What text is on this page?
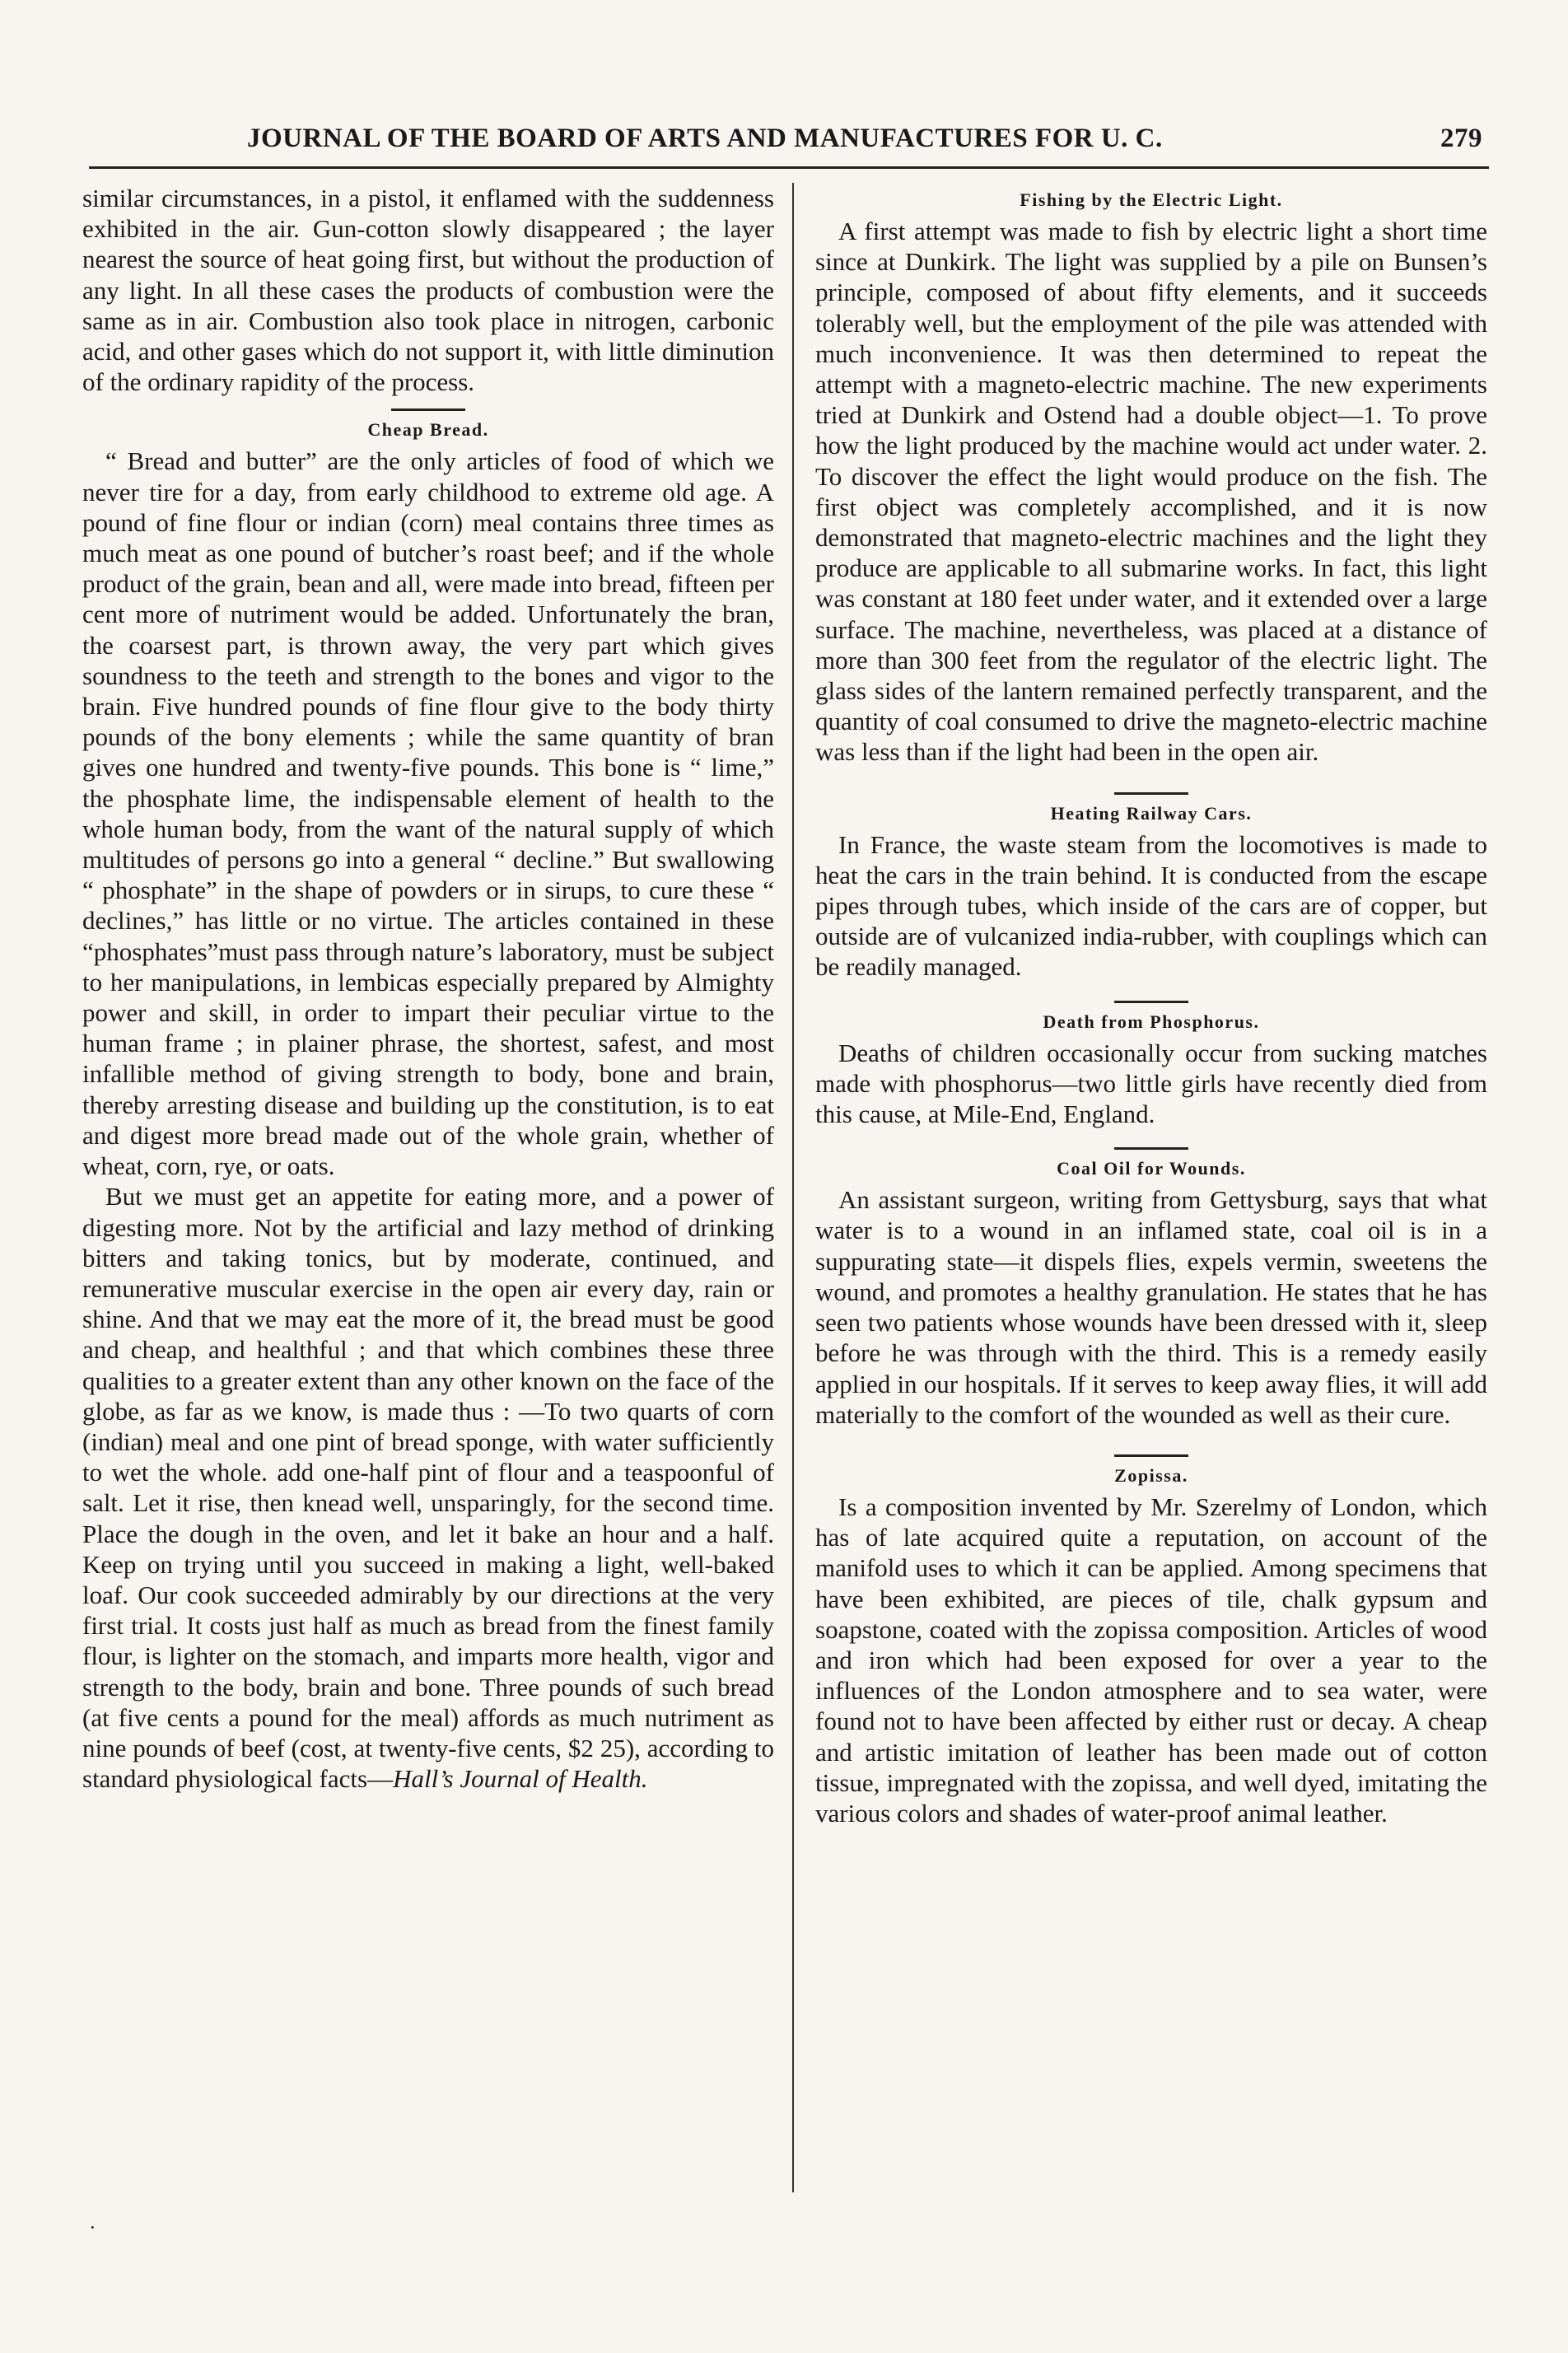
JOURNAL OF THE BOARD OF ARTS AND MANUFACTURES FOR U. C.	279

similar circumstances, in a pistol, it enflamed with the suddenness exhibited in the air. Gun-cotton slowly disappeared ; the layer nearest the source of heat going first, but without the production of any light. In all these cases the products of combustion were the same as in air. Combustion also took place in nitrogen, carbonic acid, and other gases which do not support it, with little diminution of the ordinary rapidity of the process.

Cheap Bread.

“ Bread and butter” are the only articles of food of which we never tire for a day, from early childhood to extreme old age. A pound of fine flour or indian (corn) meal contains three times as much meat as one pound of butcher’s roast beef; and if the whole product of the grain, bean and all, were made into bread, fifteen per cent more of nutriment would be added. Unfortunately the bran, the coarsest part, is thrown away, the very part which gives soundness to the teeth and strength to the bones and vigor to the brain. Five hundred pounds of fine flour give to the body thirty pounds of the bony elements ; while the same quantity of bran gives one hundred and twenty-five pounds. This bone is “ lime,” the phosphate lime, the indispensable element of health to the whole human body, from the want of the natural supply of which multitudes of persons go into a general “ decline.” But swallowing “ phosphate” in the shape of powders or in sirups, to cure these “ declines,” has little or no virtue. The articles contained in these “phosphates”must pass through nature’s laboratory, must be subject to her manipulations, in lembicas especially prepared by Almighty power and skill, in order to impart their peculiar virtue to the human frame ; in plainer phrase, the shortest, safest, and most infallible method of giving strength to body, bone and brain, thereby arresting disease and building up the constitution, is to eat and digest more bread made out of the whole grain, whether of wheat, corn, rye, or oats.

But we must get an appetite for eating more, and a power of digesting more. Not by the artificial and lazy method of drinking bitters and taking tonics, but by moderate, continued, and remunerative muscular exercise in the open air every day, rain or shine. And that we may eat the more of it, the bread must be good and cheap, and healthful ; and that which combines these three qualities to a greater extent than any other known on the face of the globe, as far as we know, is made thus : —To two quarts of corn (indian) meal and one pint of bread sponge, with water sufficiently to wet the whole. add one-half pint of flour and a teaspoonful of salt. Let it rise, then knead well, unsparingly, for the second time. Place the dough in the oven, and let it bake an hour and a half. Keep on trying until you succeed in making a light, well-baked loaf. Our cook succeeded admirably by our directions at the very first trial. It costs just half as much as bread from the finest family flour, is lighter on the stomach, and imparts more health, vigor and strength to the body, brain and bone. Three pounds of such bread (at five cents a pound for the meal) affords as much nutriment as nine pounds of beef (cost, at twenty-five cents, $2 25), according to standard physiological facts—Hall’s Journal of Health.

Fishing by the Electric Light.

A first attempt was made to fish by electric light a short time since at Dunkirk. The light was supplied by a pile on Bunsen’s principle, composed of about fifty elements, and it succeeds tolerably well, but the employment of the pile was attended with much inconvenience. It was then determined to repeat the attempt with a magneto-electric machine. The new experiments tried at Dunkirk and Ostend had a double object—1. To prove how the light produced by the machine would act under water. 2. To discover the effect the light would produce on the fish. The first object was completely accomplished, and it is now demonstrated that magneto-electric machines and the light they produce are applicable to all submarine works. In fact, this light was constant at 180 feet under water, and it extended over a large surface. The machine, nevertheless, was placed at a distance of more than 300 feet from the regulator of the electric light. The glass sides of the lantern remained perfectly transparent, and the quantity of coal consumed to drive the magneto-electric machine was less than if the light had been in the open air.

Heating Railway Cars.

In France, the waste steam from the locomotives is made to heat the cars in the train behind. It is conducted from the escape pipes through tubes, which inside of the cars are of copper, but outside are of vulcanized india-rubber, with couplings which can be readily managed.

Death from Phosphorus.

Deaths of children occasionally occur from sucking matches made with phosphorus—two little girls have recently died from this cause, at Mile-End, England.

Coal Oil for Wounds.

An assistant surgeon, writing from Gettysburg, says that what water is to a wound in an inflamed state, coal oil is in a suppurating state—it dispels flies, expels vermin, sweetens the wound, and promotes a healthy granulation. He states that he has seen two patients whose wounds have been dressed with it, sleep before he was through with the third. This is a remedy easily applied in our hospitals. If it serves to keep away flies, it will add materially to the comfort of the wounded as well as their cure.

Zopissa.

Is a composition invented by Mr. Szerelmy of London, which has of late acquired quite a reputation, on account of the manifold uses to which it can be applied. Among specimens that have been exhibited, are pieces of tile, chalk gypsum and soapstone, coated with the zopissa composition. Articles of wood and iron which had been exposed for over a year to the influences of the London atmosphere and to sea water, were found not to have been affected by either rust or decay. A cheap and artistic imitation of leather has been made out of cotton tissue, impregnated with the zopissa, and well dyed, imitating the various colors and shades of water-proof animal leather.

·
